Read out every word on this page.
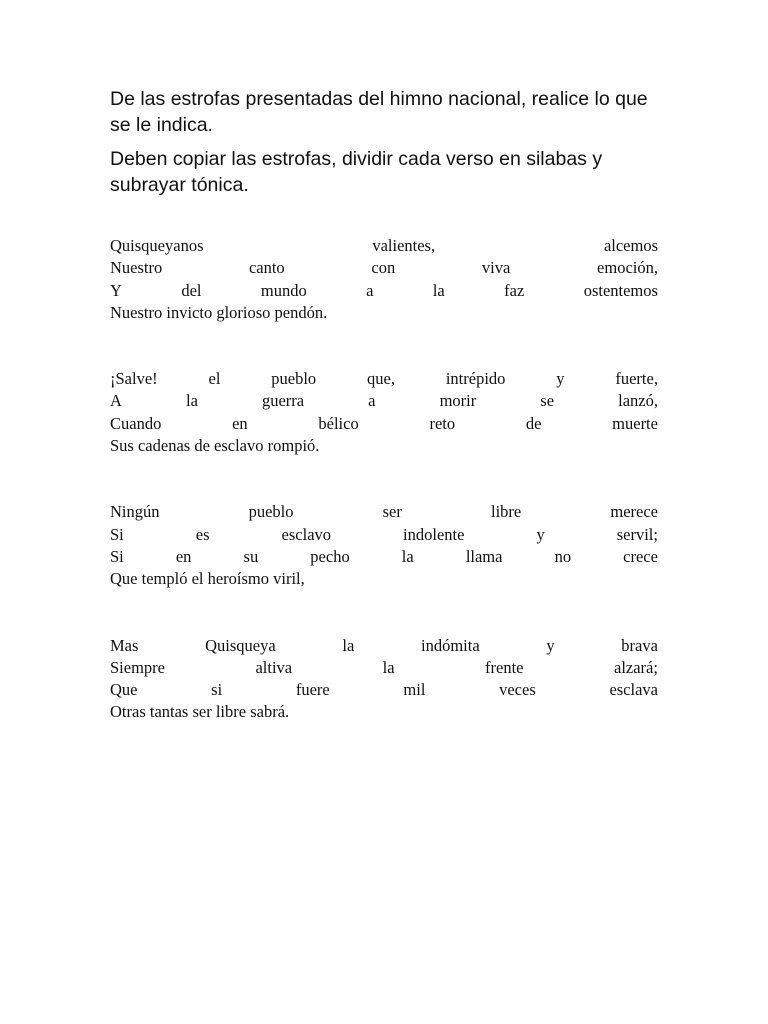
De las estrofas presentadas del himno nacional, realice lo que se le indica.

Deben copiar las estrofas, dividir cada verso en silabas y subrayar tónica.

Quisqueyanos	valientes,	alcemos
Nuestro	canto	con	viva	emoción,
Y	del	mundo	a	la	faz	ostentemos
Nuestro invicto glorioso pendón.
¡Salve!	el	pueblo	que,	intrépido	y	fuerte,
A	la	guerra	a	morir	se	lanzó,
Cuando	en	bélico	reto	de	muerte
Sus cadenas de esclavo rompió.
Ningún	pueblo	ser	libre	merece
Si	es	esclavo	indolente	y	servil;
Si	en	su	pecho	la	llama	no	crece
Que templó el heroísmo viril,
Mas	Quisqueya	la	indómita	y	brava
Siempre	altiva	la	frente	alzará;
Que	si	fuere	mil	veces	esclava
Otras tantas ser libre sabrá.
